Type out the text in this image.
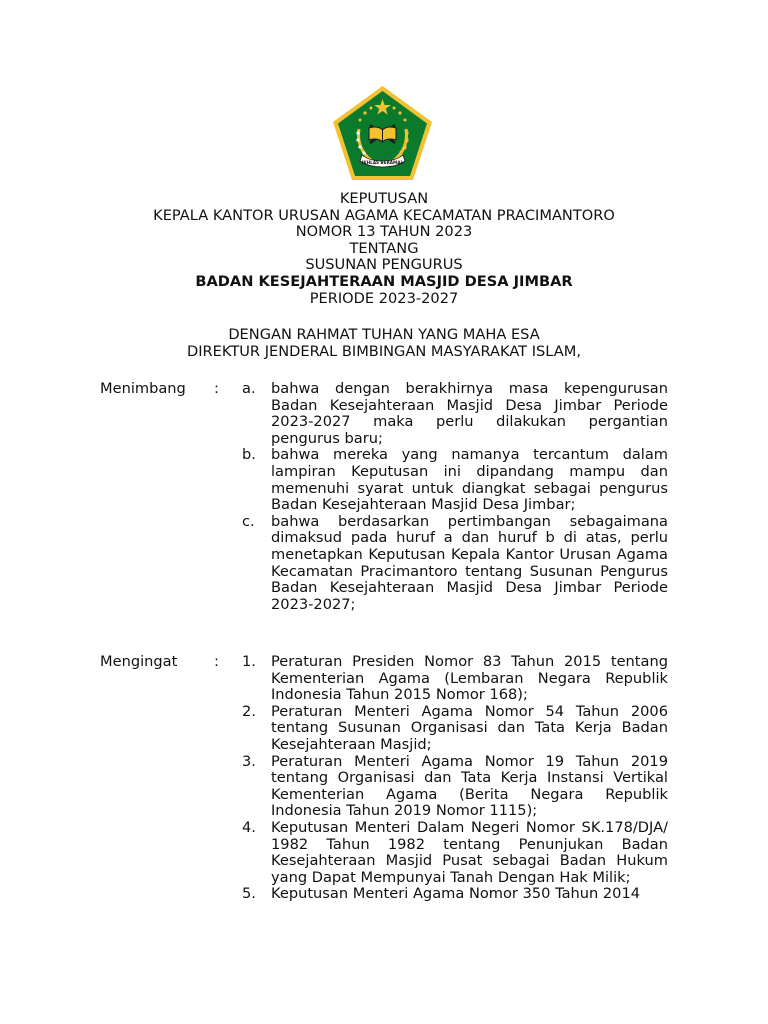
IKHLAS BERAMAL
KEPUTUSAN
KEPALA KANTOR URUSAN AGAMA KECAMATAN PRACIMANTORO
NOMOR 13 TAHUN 2023
TENTANG
SUSUNAN PENGURUS
BADAN KESEJAHTERAAN MASJID DESA JIMBAR
PERIODE 2023-2027
DENGAN RAHMAT TUHAN YANG MAHA ESA
DIREKTUR JENDERAL BIMBINGAN MASYARAKAT ISLAM,
Menimbang : a. bahwa dengan berakhirnya masa kepengurusan Badan Kesejahteraan Masjid Desa Jimbar Periode 2023-2027 maka perlu dilakukan pergantian pengurus baru;
b. bahwa mereka yang namanya tercantum dalam lampiran Keputusan ini dipandang mampu dan memenuhi syarat untuk diangkat sebagai pengurus Badan Kesejahteraan Masjid Desa Jimbar;
c. bahwa berdasarkan pertimbangan sebagaimana dimaksud pada huruf a dan huruf b di atas, perlu menetapkan Keputusan Kepala Kantor Urusan Agama Kecamatan Pracimantoro tentang Susunan Pengurus Badan Kesejahteraan Masjid Desa Jimbar Periode 2023-2027;
Mengingat	: 1. Peraturan Presiden Nomor 83 Tahun 2015 tentang Kementerian Agama (Lembaran Negara Republik Indonesia Tahun 2015 Nomor 168);
2. Peraturan Menteri Agama Nomor 54 Tahun 2006 tentang Susunan Organisasi dan Tata Kerja Badan Kesejahteraan Masjid;
3. Peraturan Menteri Agama Nomor 19 Tahun 2019 tentang Organisasi dan Tata Kerja Instansi Vertikal Kementerian Agama (Berita Negara Republik Indonesia Tahun 2019 Nomor 1115);
4. Keputusan Menteri Dalam Negeri Nomor SK.178/DJA/ 1982 Tahun 1982 tentang Penunjukan Badan Kesejahteraan Masjid Pusat sebagai Badan Hukum yang Dapat Mempunyai Tanah Dengan Hak Milik;
5. Keputusan Menteri Agama Nomor 350 Tahun 2014
